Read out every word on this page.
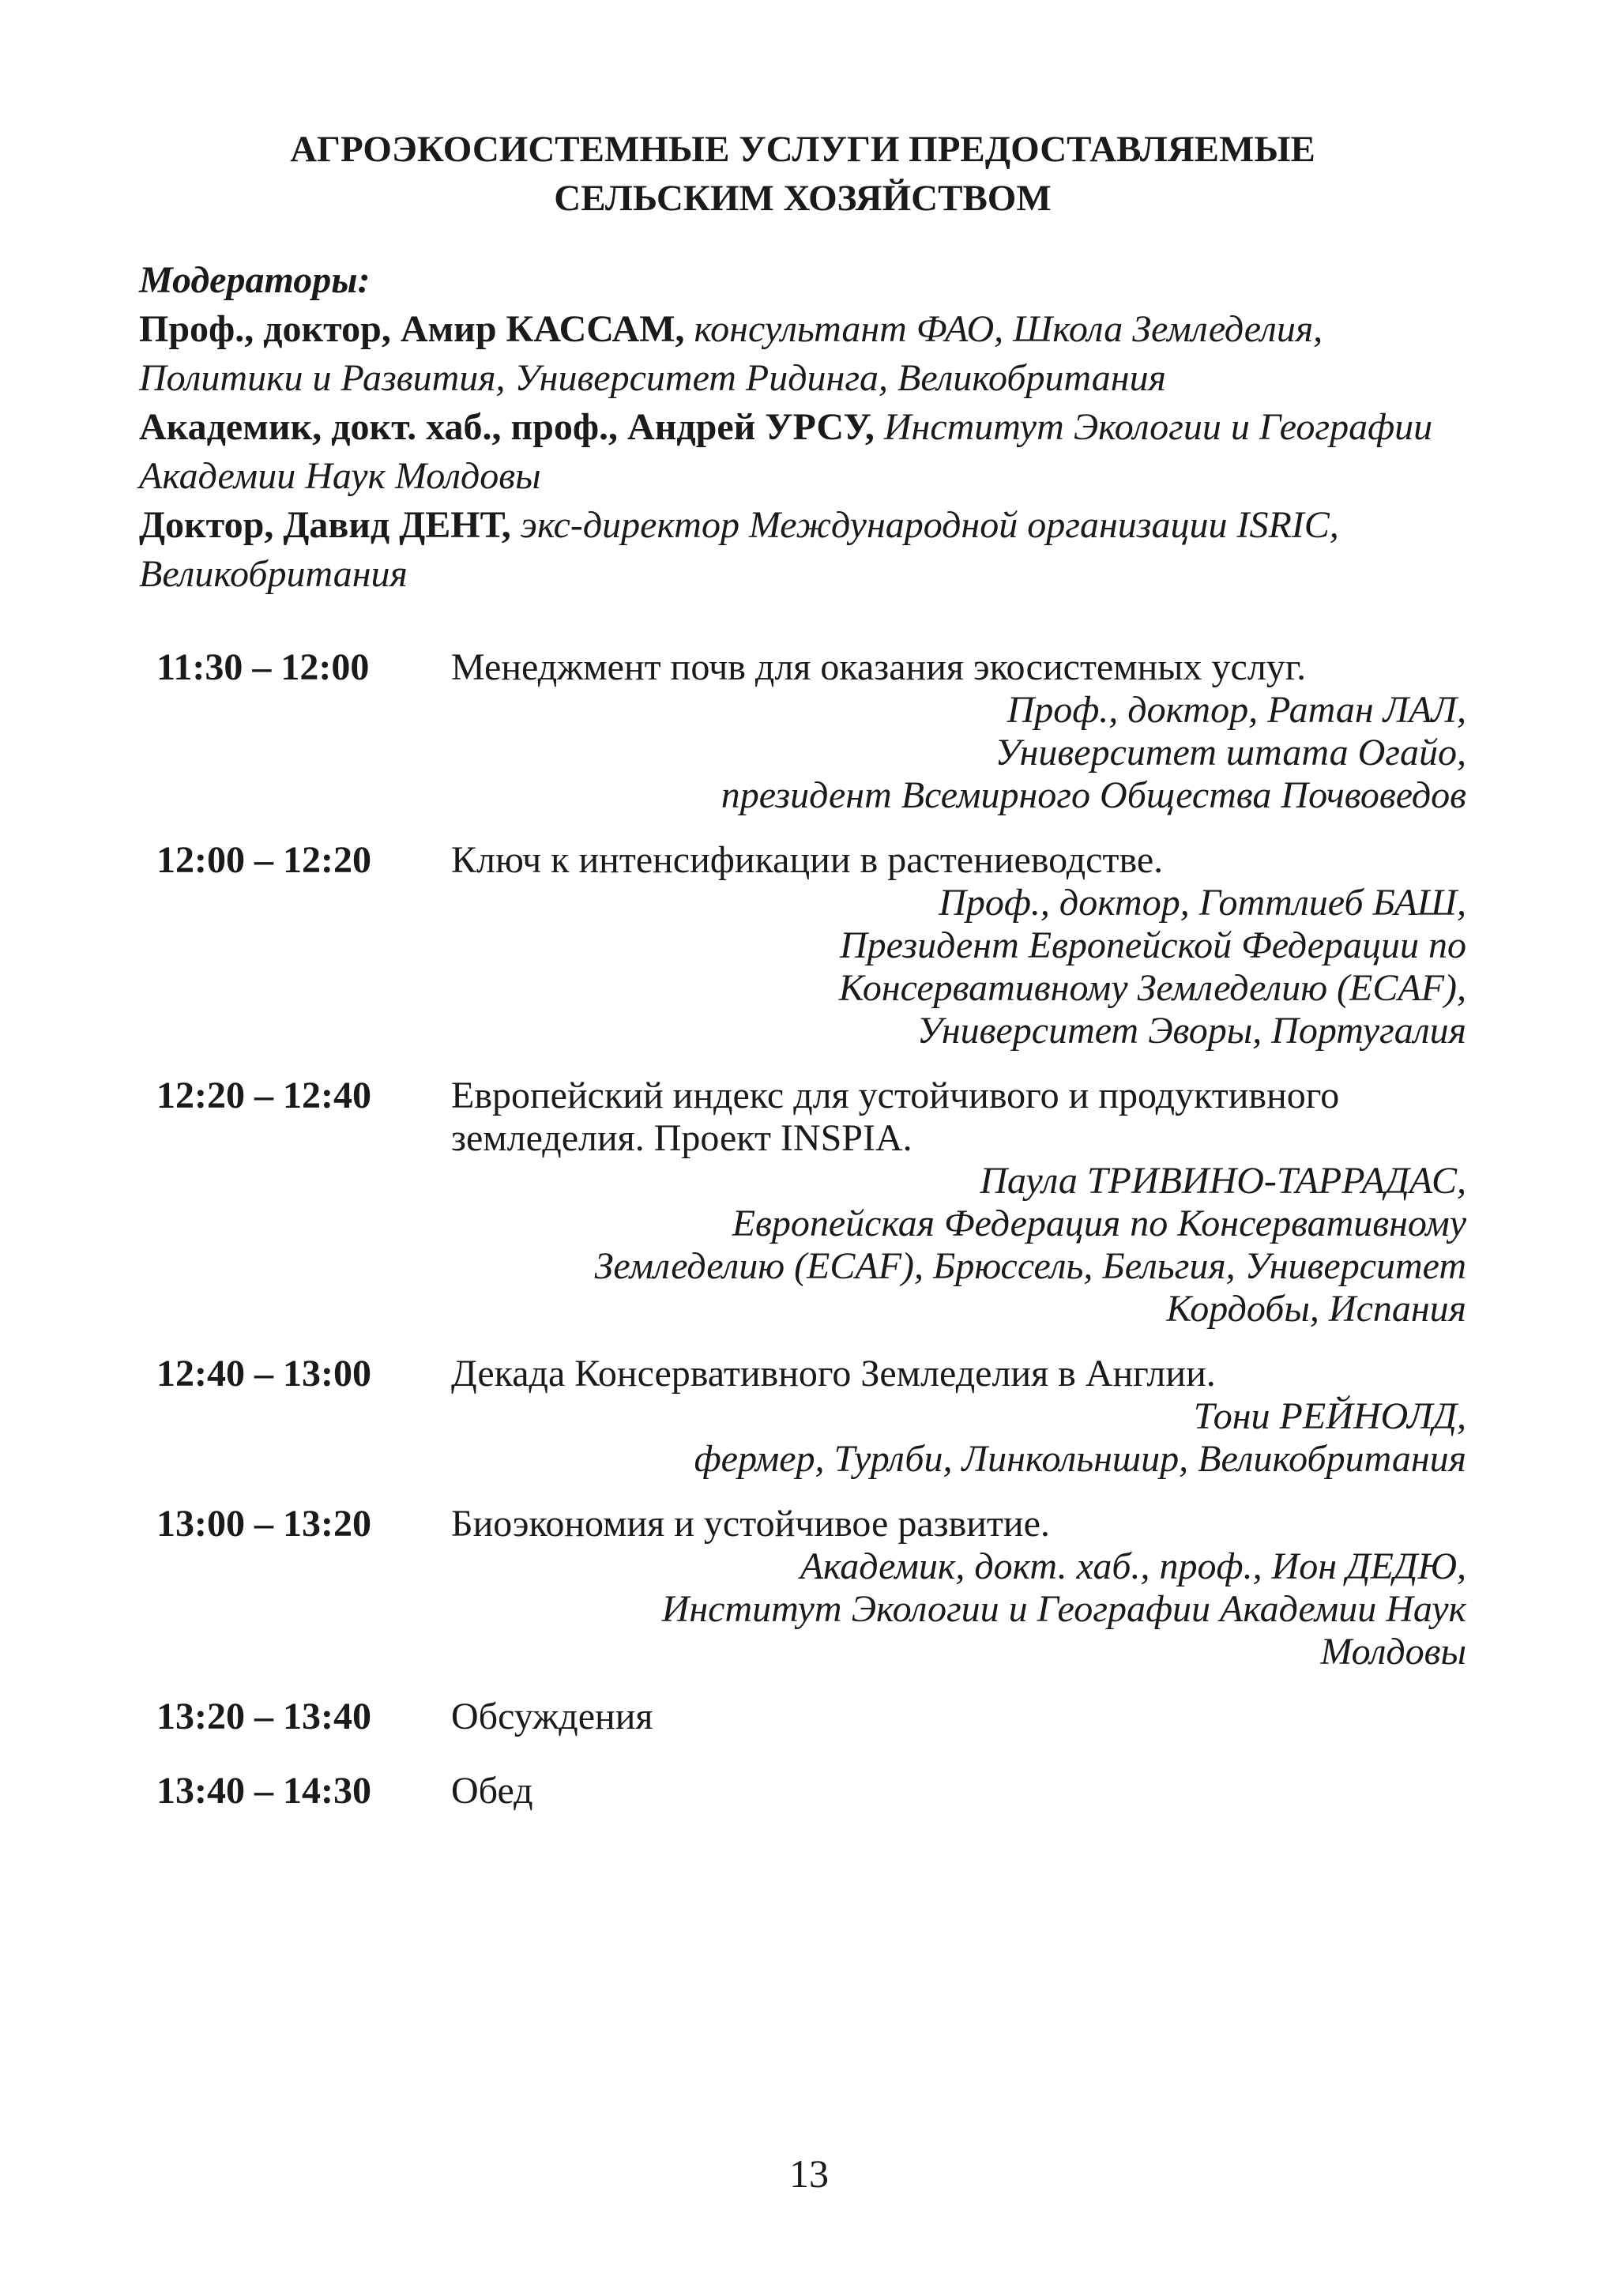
АГРОЭКОСИСТЕМНЫЕ УСЛУГИ ПРЕДОСТАВЛЯЕМЫЕ
СЕЛЬСКИМ ХОЗЯЙСТВОМ
Модераторы:
Проф., доктор, Амир КАССАМ, консультант ФАО, Школа Земледелия, Политики и Развития, Университет Ридинга, Великобритания
Академик, докт. хаб., проф., Андрей УРСУ, Институт Экологии и Географии Академии Наук Молдовы
Доктор, Давид ДЕНТ, экс-директор Международной организации ISRIC, Великобритания
11:30 – 12:00	Менеджмент почв для оказания экосистемных услуг.

Проф., доктор, Ратан ЛАЛ,
Университет штата Огайо,
президент Всемирного Общества Почвоведов

12:00 – 12:20	Ключ к интенсификации в растениеводстве.

Проф., доктор, Готтлиеб БАШ,
Президент Европейской Федерации по
Консервативному Земледелию (ECAF),
Университет Эворы, Португалия

12:20 – 12:40	Европейский индекс для устойчивого и продуктивного земледелия. Проект INSPIA.

Паула ТРИВИНО-ТАРРАДАС,
Европейская Федерация по Консервативному
Земледелию (ECAF), Брюссель, Бельгия, Университет
Кордобы, Испания

12:40 – 13:00	Декада Консервативного Земледелия в Англии.

Тони РЕЙНОЛД,
фермер, Турлби, Линкольншир, Великобритания

13:00 – 13:20	Биоэкономия и устойчивое развитие.

Академик, докт. хаб., проф., Ион ДЕДЮ,
Институт Экологии и Географии Академии Наук
Молдовы

13:20 – 13:40	Обсуждения

13:40 – 14:30	Обед

13
